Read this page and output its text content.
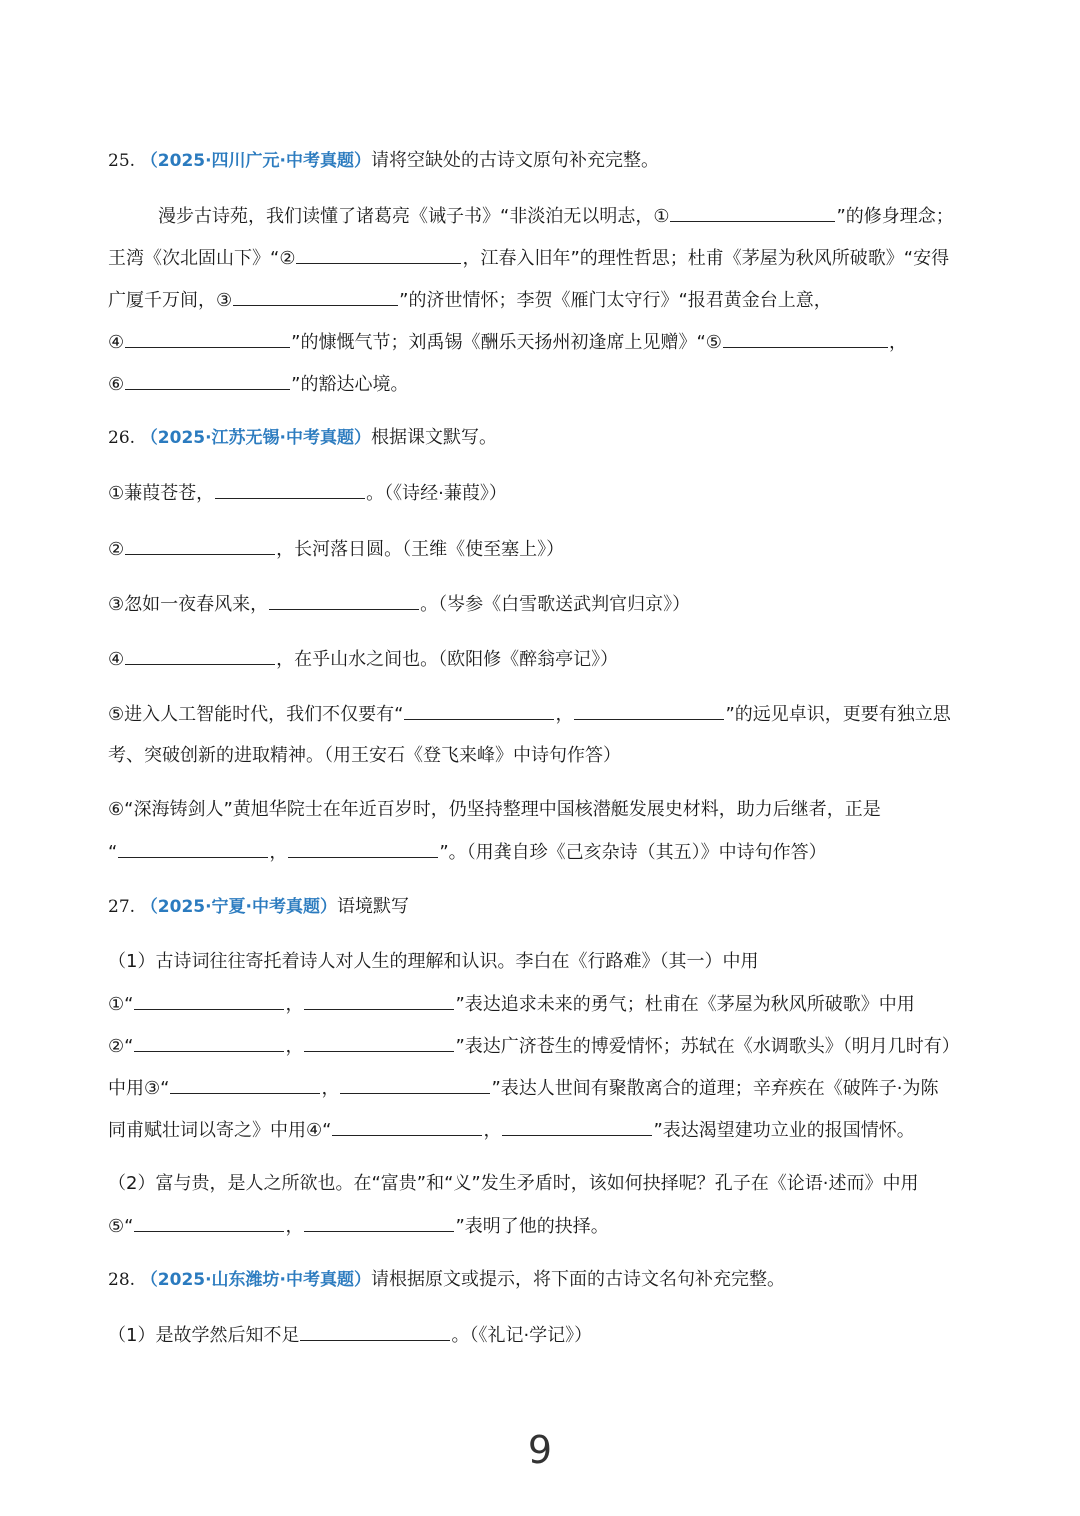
25. （2025·四川广元·中考真题）请将空缺处的古诗文原句补充完整。
漫步古诗苑，我们读懂了诸葛亮《诫子书》“非淡泊无以明志，①	”的修身理念；
王湾《次北固山下》“②	，江春入旧年”的理性哲思；杜甫《茅屋为秋风所破歌》“安得
广厦千万间，③	”的济世情怀；李贺《雁门太守行》“报君黄金台上意，
④	”的慷慨气节；刘禹锡《酬乐天扬州初逢席上见赠》“⑤	，
⑥	”的豁达心境。
26. （2025·江苏无锡·中考真题）根据课文默写。
①蒹葭苍苍，	。（《诗经·蒹葭》）
②	，长河落日圆。（王维《使至塞上》）
③忽如一夜春风来，	。（岑参《白雪歌送武判官归京》）
④	，在乎山水之间也。（欧阳修《醉翁亭记》）
⑤进入人工智能时代，我们不仅要有“	，	”的远见卓识，更要有独立思
考、突破创新的进取精神。（用王安石《登飞来峰》中诗句作答）
⑥“深海铸剑人”黄旭华院士在年近百岁时，仍坚持整理中国核潜艇发展史材料，助力后继者，正是
“	，	”。（用龚自珍《己亥杂诗（其五）》中诗句作答）
27. （2025·宁夏·中考真题）语境默写
（1）古诗词往往寄托着诗人对人生的理解和认识。李白在《行路难》（其一）中用
①“	，	”表达追求未来的勇气；杜甫在《茅屋为秋风所破歌》中用
②“	，	”表达广济苍生的博爱情怀；苏轼在《水调歌头》（明月几时有）
中用③“	，	”表达人世间有聚散离合的道理；辛弃疾在《破阵子·为陈
同甫赋壮词以寄之》中用④“	，	”表达渴望建功立业的报国情怀。
（2）富与贵，是人之所欲也。在“富贵”和“义”发生矛盾时，该如何抉择呢？孔子在《论语·述而》中用
⑤“	，	”表明了他的抉择。
28. （2025·山东潍坊·中考真题）请根据原文或提示，将下面的古诗文名句补充完整。
（1）是故学然后知不足	。（《礼记·学记》）
9
